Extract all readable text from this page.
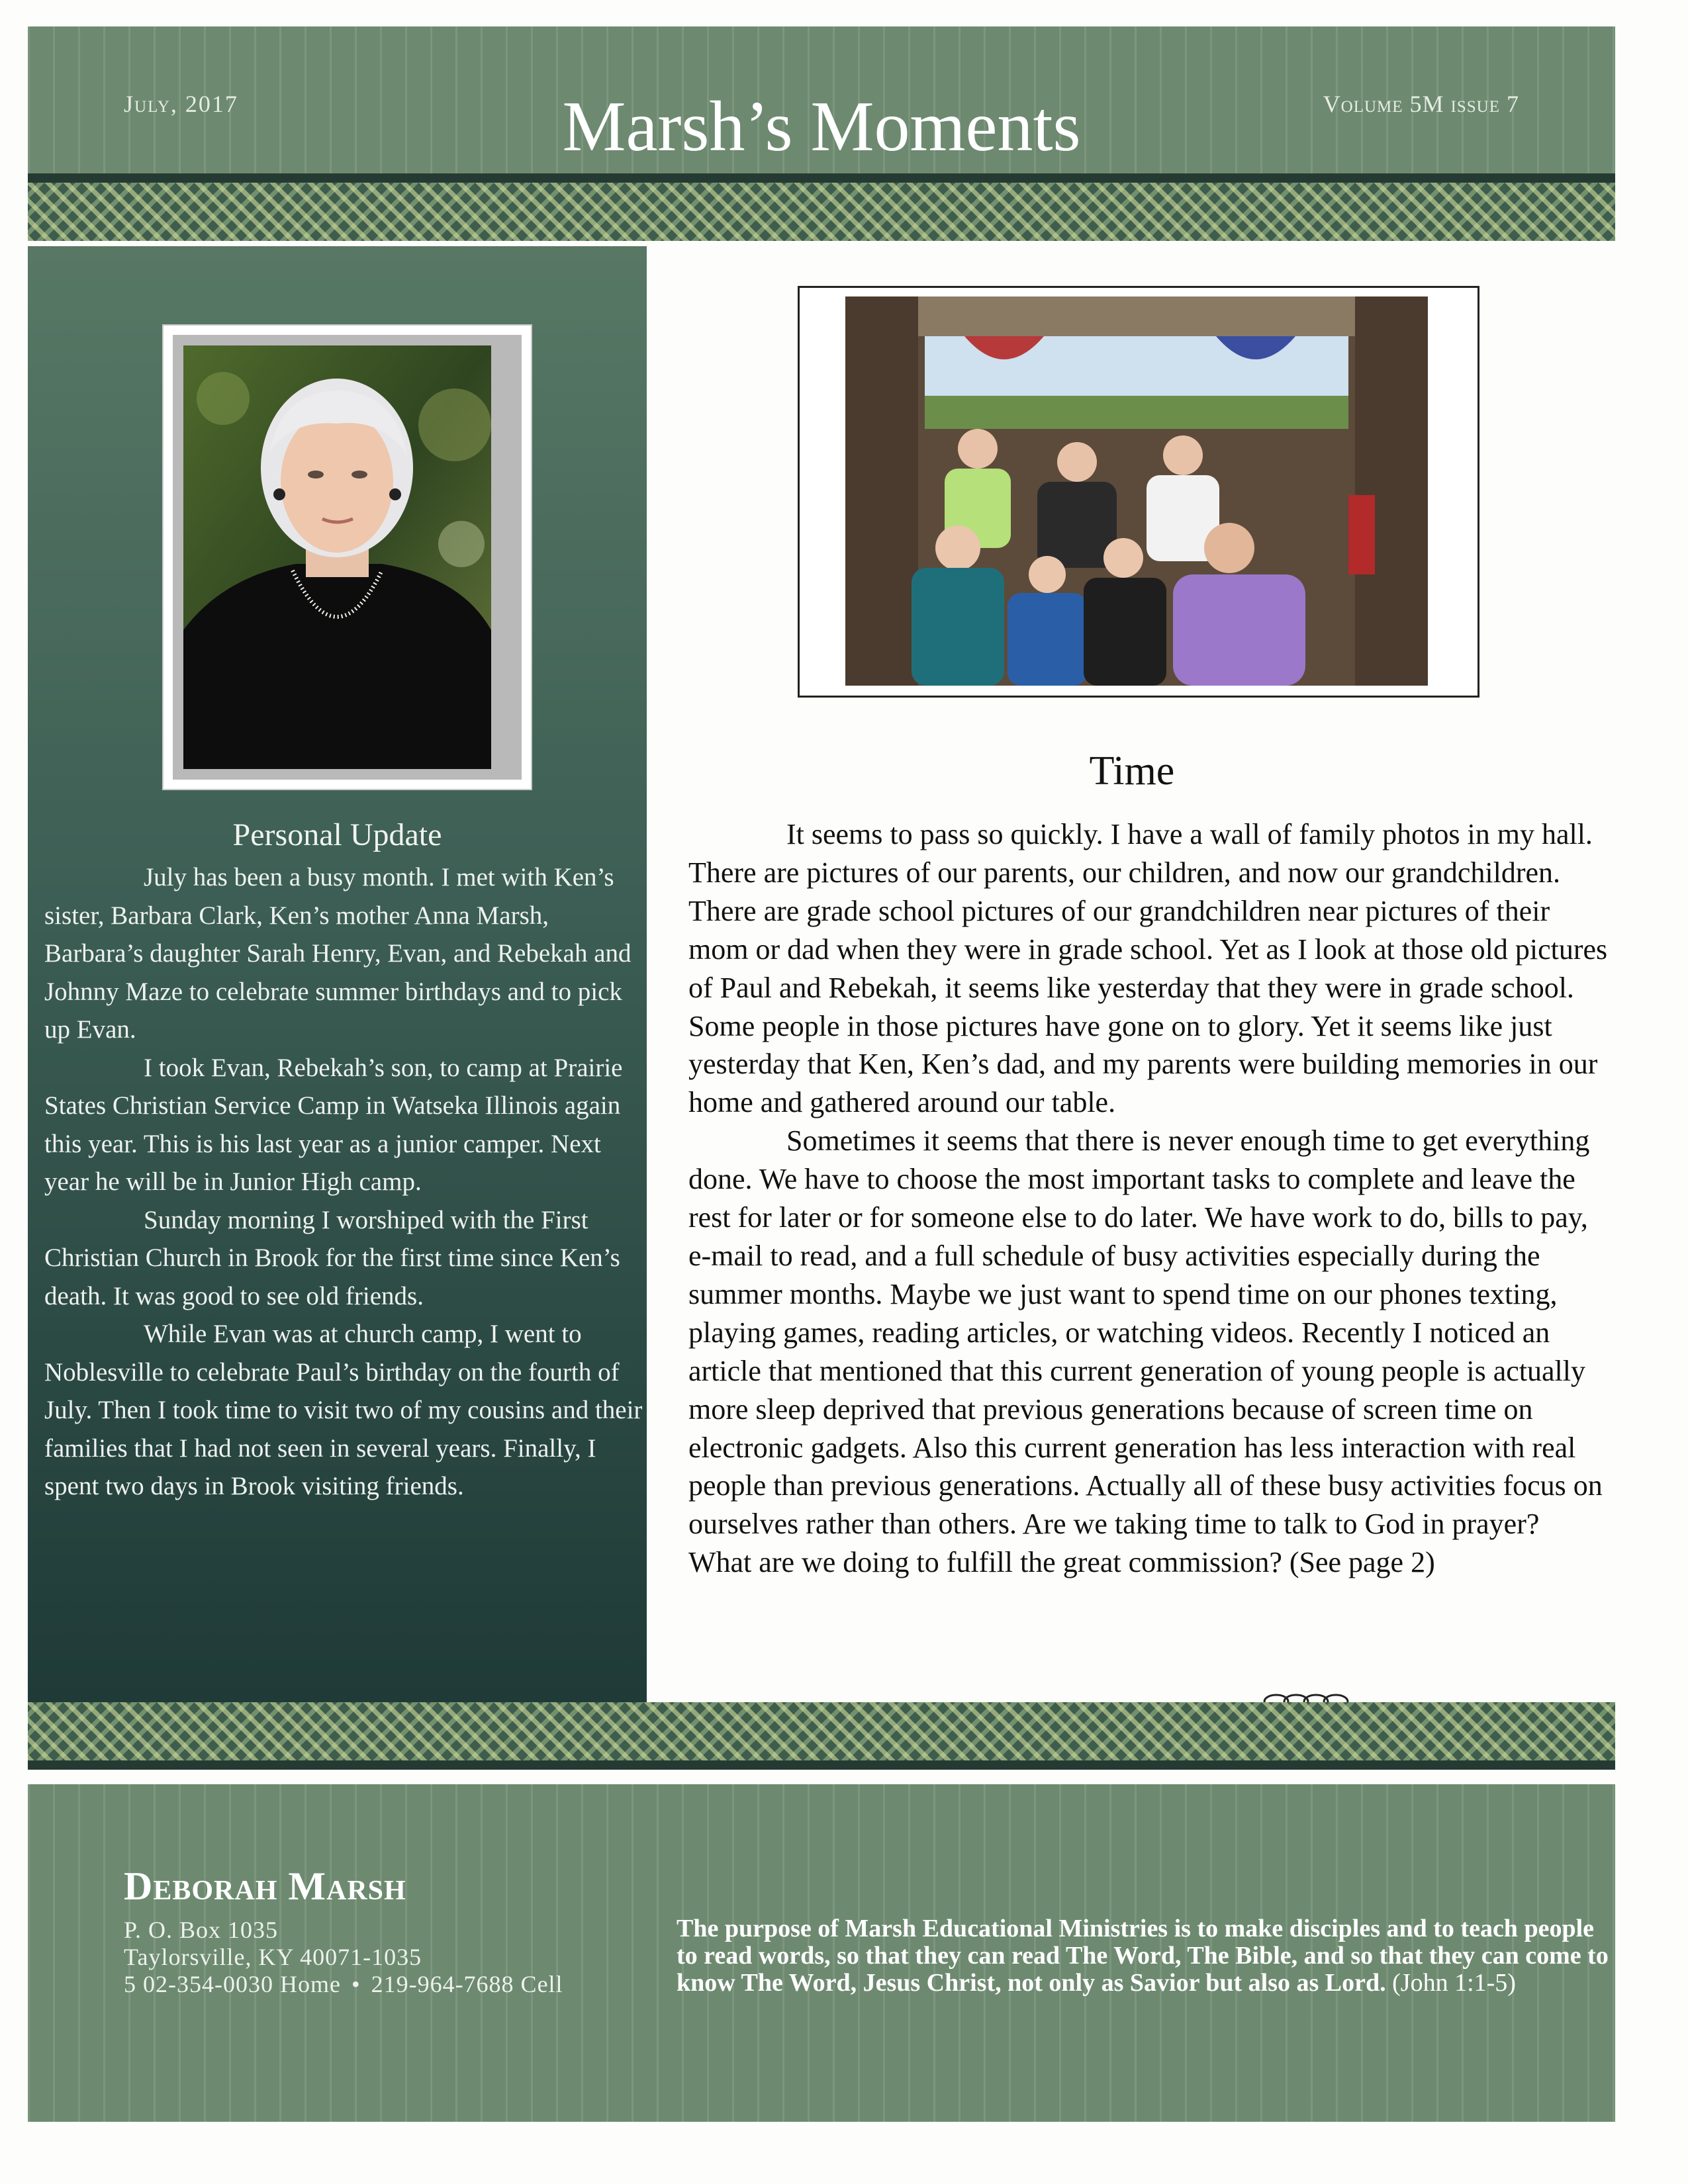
July, 2017	Marsh’s Moments	Volume 5M issue 7
Personal Update

July has been a busy month. I met with Ken’s sister, Barbara Clark, Ken’s mother Anna Marsh, Barbara’s daughter Sarah Henry, Evan, and Rebekah and Johnny Maze to celebrate summer birthdays and to pick up Evan.

I took Evan, Rebekah’s son, to camp at Prairie States Christian Service Camp in Watseka Illinois again this year. This is his last year as a junior camper. Next year he will be in Junior High camp.

Sunday morning I worshiped with the First Christian Church in Brook for the first time since Ken’s death. It was good to see old friends.

While Evan was at church camp, I went to Noblesville to celebrate Paul’s birthday on the fourth of July. Then I took time to visit two of my cousins and their families that I had not seen in several years. Finally, I spent two days in Brook visiting friends.

Time

It seems to pass so quickly. I have a wall of family photos in my hall. There are pictures of our parents, our children, and now our grandchildren. There are grade school pictures of our grandchildren near pictures of their mom or dad when they were in grade school. Yet as I look at those old pictures of Paul and Rebekah, it seems like yesterday that they were in grade school. Some people in those pictures have gone on to glory. Yet it seems like just yesterday that Ken, Ken’s dad, and my parents were building memories in our home and gathered around our table.

Sometimes it seems that there is never enough time to get everything done. We have to choose the most important tasks to complete and leave the rest for later or for someone else to do later. We have work to do, bills to pay, e-mail to read, and a full schedule of busy activities especially during the summer months. Maybe we just want to spend time on our phones texting, playing games, reading articles, or watching videos. Recently I noticed an article that mentioned that this current generation of young people is actually more sleep deprived that previous generations because of screen time on electronic gadgets. Also this current generation has less interaction with real people than previous generations. Actually all of these busy activities focus on ourselves rather than others. Are we taking time to talk to God in prayer? What are we doing to fulfill the great commission? (See page 2)

Deborah Marsh
P. O. Box 1035
Taylorsville, KY 40071-1035
5 02-354-0030 Home • 219-964-7688 Cell
The purpose of Marsh Educational Ministries is to make disciples and to teach people to read words, so that they can read The Word, The Bible, and so that they can come to know The Word, Jesus Christ, not only as Savior but also as Lord. (John 1:1-5)
